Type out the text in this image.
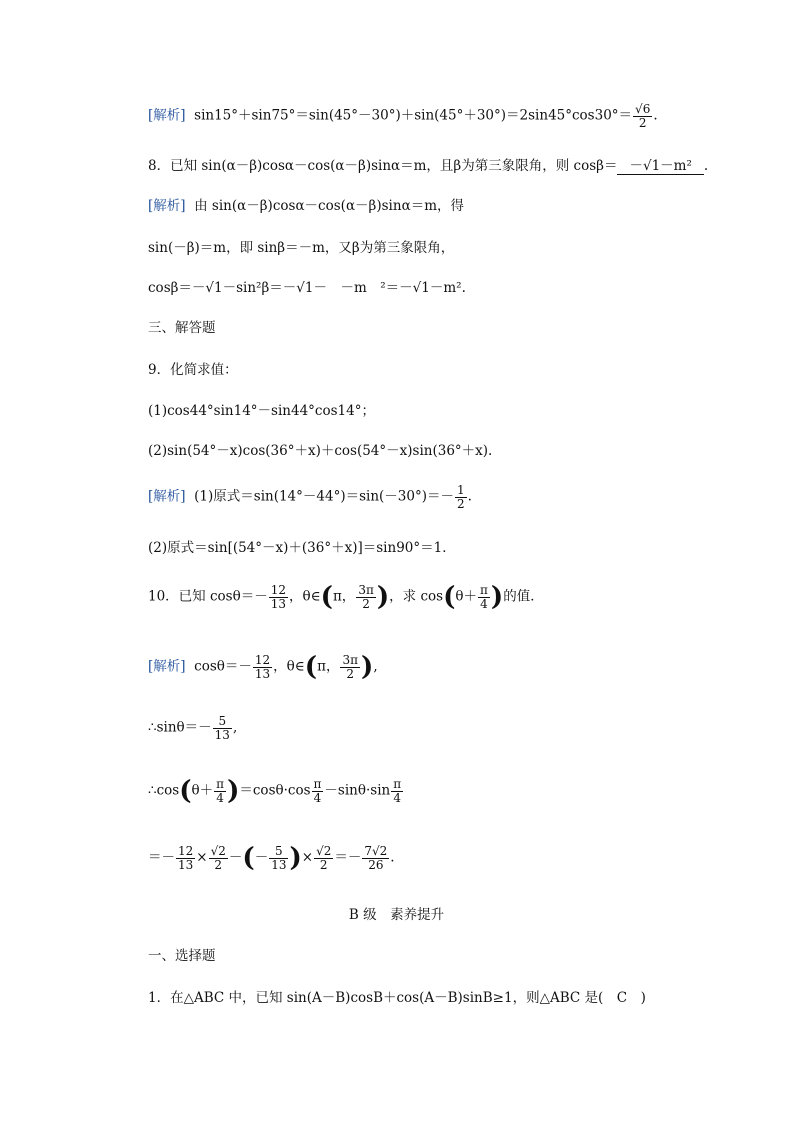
[解析] $\sin 15^\circ+\sin 75^\circ=\sin(45^\circ-30^\circ)+\sin(45^\circ+30^\circ)=2\sin 45^\circ\cos 30^\circ= \frac{√6}{2}$ .
8．已知 sin(α－β)cosα－cos(α－β)sinα＝m，且β为第三象限角，则 cosβ＝ －√1－m² .
[解析] 由 sin(α－β)cosα－cos(α－β)sinα＝m，得
sin(－β)＝m，即 sinβ＝－m，又β为第三象限角，
cosβ＝－√1－sin²β＝－√1－　－m　²＝－√1－m².
三、解答题
9．化简求值：
(1)cos44°sin14°－sin44°cos14°；
(2)sin(54°－x)cos(36°＋x)＋cos(54°－x)sin(36°＋x).
[解析] (1)原式$=\sin(14^\circ-44^\circ)=\sin(-30^\circ)=- \frac{1}{2}$ .
(2)原式＝sin[(54°－x)＋(36°＋x)]＝sin90°＝1．
10．已知 $\cos\theta=- \frac{12}{13}$ ，θ∈(π， $\frac{3\pi}{2}$ )，求 $\cos(\theta+ \frac{\pi}{4}$ )的值．
[解析] $\cos\theta=- \frac{12}{13}$ ，θ∈(π， $\frac{3\pi}{2}$ ),
∴sinθ＝－ $\frac{5}{13}$ ,
∴cos(θ＋ $\frac{\pi}{4} )=\cos\theta\cdot\cos \frac{\pi}{4} -\sin\theta\cdot\sin \frac{\pi}{4}$
＝－ $\frac{12}{13} \times \frac{√2}{2}$ －(－ $\frac{5}{13}$ )× $\frac{√2}{2} =- \frac{7√2}{26}$ .
B 级　素养提升
一、选择题
1．在△ABC 中，已知 sin(A－B)cosB＋cos(A－B)sinB≥1，则△ABC 是(　C　)
